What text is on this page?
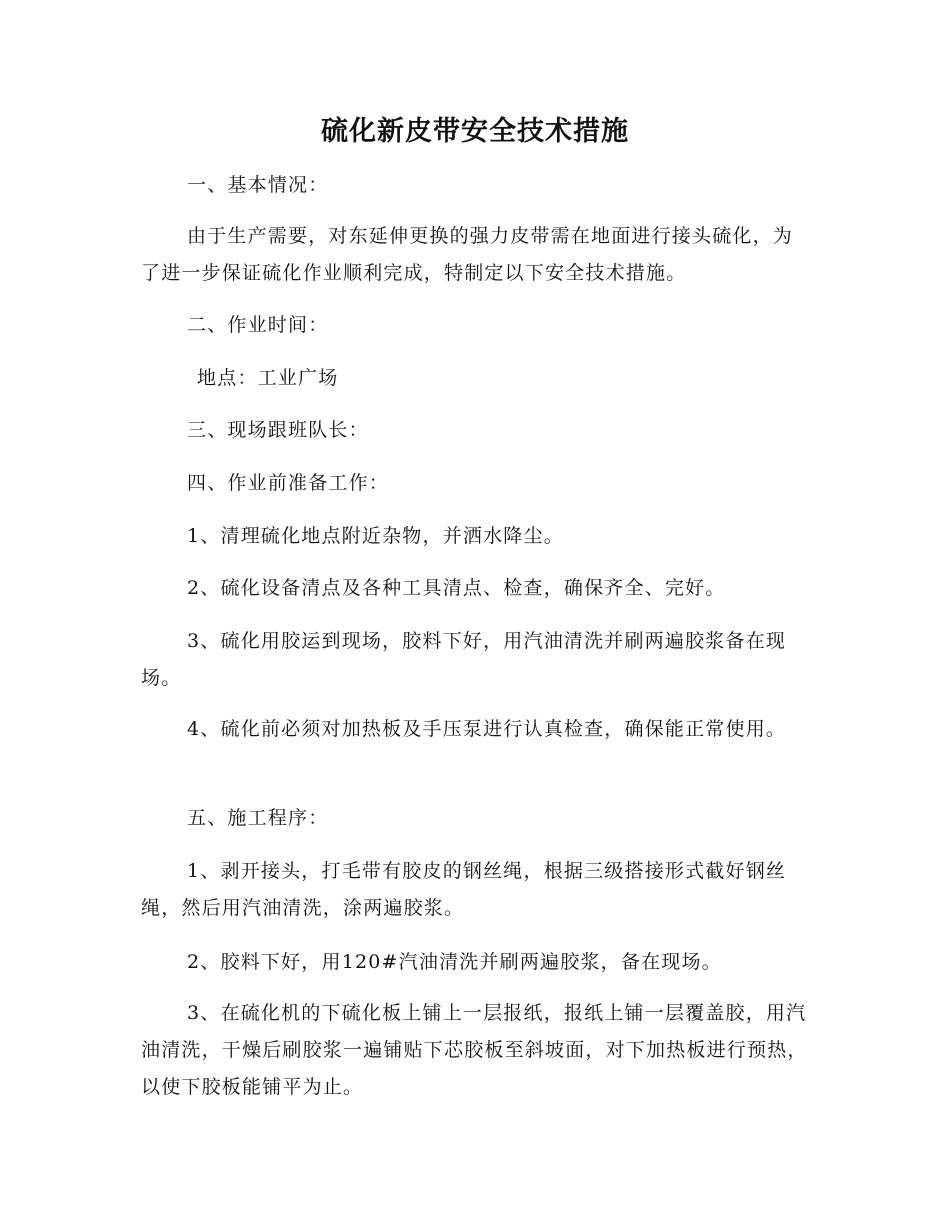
硫化新皮带安全技术措施

一、基本情况：

由于生产需要，对东延伸更换的强力皮带需在地面进行接头硫化，为了进一步保证硫化作业顺利完成，特制定以下安全技术措施。

二、作业时间：

地点：工业广场

三、现场跟班队长：

四、作业前准备工作：

1、清理硫化地点附近杂物，并洒水降尘。

2、硫化设备清点及各种工具清点、检查，确保齐全、完好。

3、硫化用胶运到现场，胶料下好，用汽油清洗并刷两遍胶浆备在现场。

4、硫化前必须对加热板及手压泵进行认真检查，确保能正常使用。

五、施工程序：

1、剥开接头，打毛带有胶皮的钢丝绳，根据三级搭接形式截好钢丝绳，然后用汽油清洗，涂两遍胶浆。

2、胶料下好，用120#汽油清洗并刷两遍胶浆，备在现场。

3、在硫化机的下硫化板上铺上一层报纸，报纸上铺一层覆盖胶，用汽油清洗，干燥后刷胶浆一遍铺贴下芯胶板至斜坡面，对下加热板进行预热，以使下胶板能铺平为止。
